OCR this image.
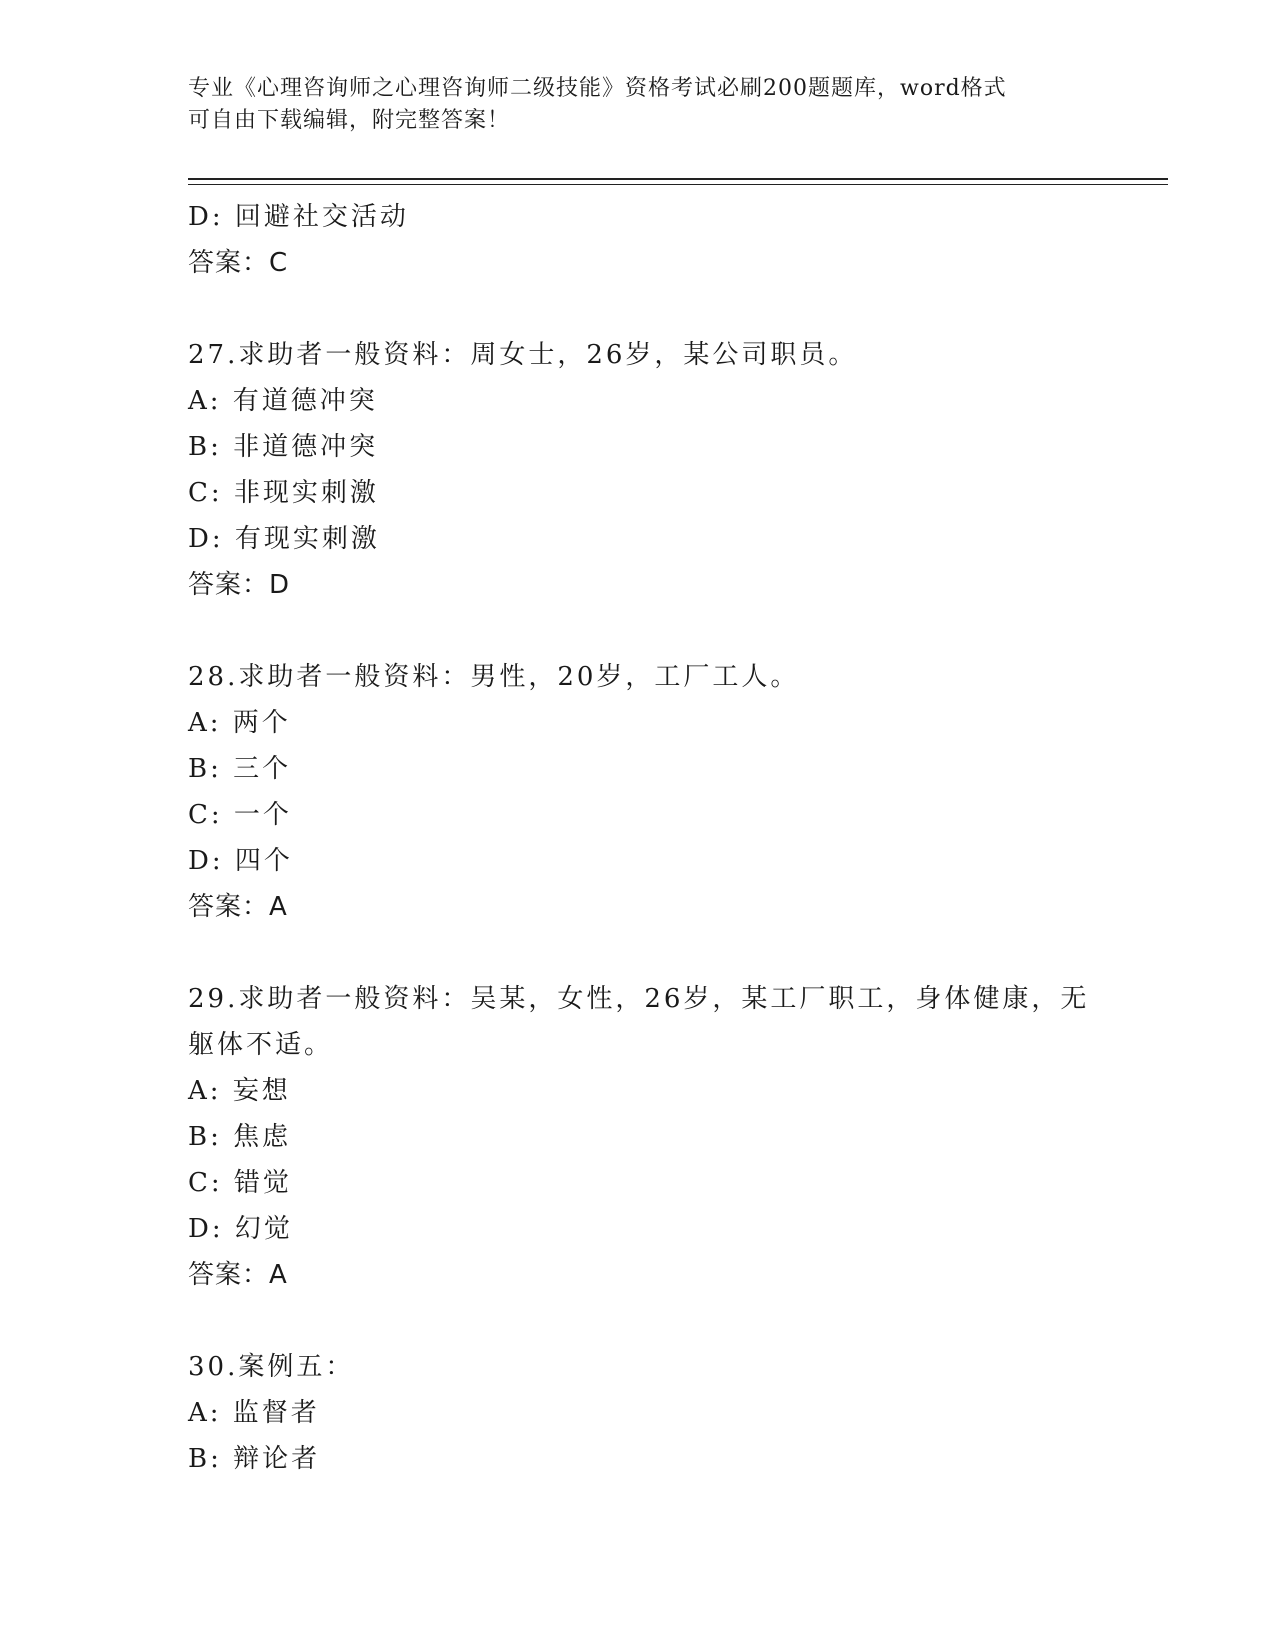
专业《心理咨询师之心理咨询师二级技能》资格考试必刷200题题库，word格式
可自由下载编辑，附完整答案！
D: 回避社交活动
答案：C
27.求助者一般资料：周女士，26岁，某公司职员。
A: 有道德冲突
B: 非道德冲突
C: 非现实刺激
D: 有现实刺激
答案：D
28.求助者一般资料：男性，20岁，工厂工人。
A: 两个
B: 三个
C: 一个
D: 四个
答案：A
29.求助者一般资料：吴某，女性，26岁，某工厂职工，身体健康，无
躯体不适。
A: 妄想
B: 焦虑
C: 错觉
D: 幻觉
答案：A
30.案例五：
A: 监督者
B: 辩论者
